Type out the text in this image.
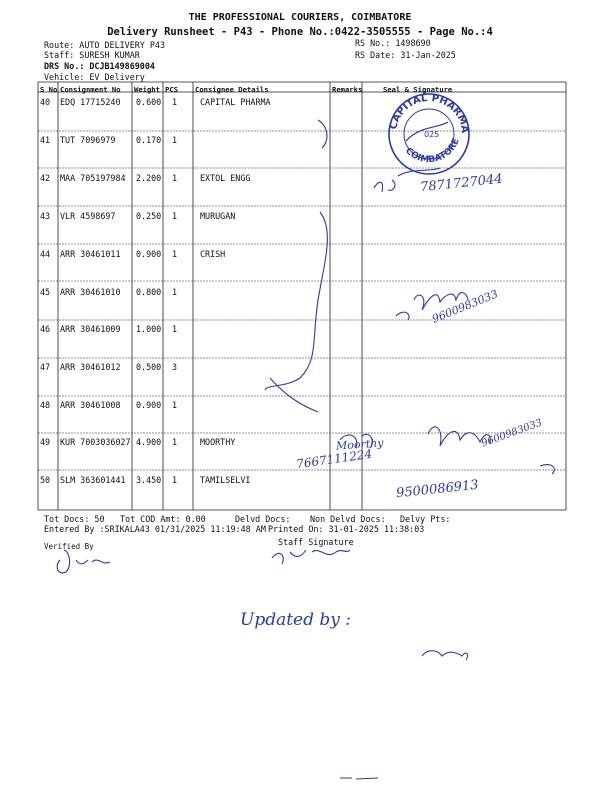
THE PROFESSIONAL COURIERS, COIMBATORE
Delivery Runsheet - P43 - Phone No.:0422-3505555 - Page No.:4
Route: AUTO DELIVERY P43
Staff: SURESH KUMAR
DRS No.: DCJB149869004
Vehicle: EV Delivery
RS No.: 1498690
RS Date: 31-Jan-2025
S No Consignment No Weight PCS Consignee Details	Remarks	Seal & Signature
40 EDQ 17715240 0.600 1	CAPITAL PHARMA
41 TUT 7096979 0.170 1
42 MAA 705197984 2.200 1	EXTOL ENGG
43 VLR 4598697 0.250 1	MURUGAN
44 ARR 30461011 0.900 1	CRISH
45 ARR 30461010 0.800 1
46 ARR 30461009 1.000 1
47 ARR 30461012 0.500 3
48 ARR 30461008 0.900 1
49 KUR 7003036027 4.900 1	MOORTHY
50 SLM 363601441 3.450 1	TAMILSELVI
Tot Docs: 50 Tot COD Amt: 0.00	Delvd Docs: Non Delvd Docs: Delvy Pts:
Entered By :SRIKALA43 01/31/2025 11:19:48 AM Printed On: 31-01-2025 11:38:03
Verified By	Staff Signature
CAPITAL PHARMA
COIMBATORE
025
7871727044
9600983033
Moorthy
7667111224
9600983033
9500086913
Updated by :
